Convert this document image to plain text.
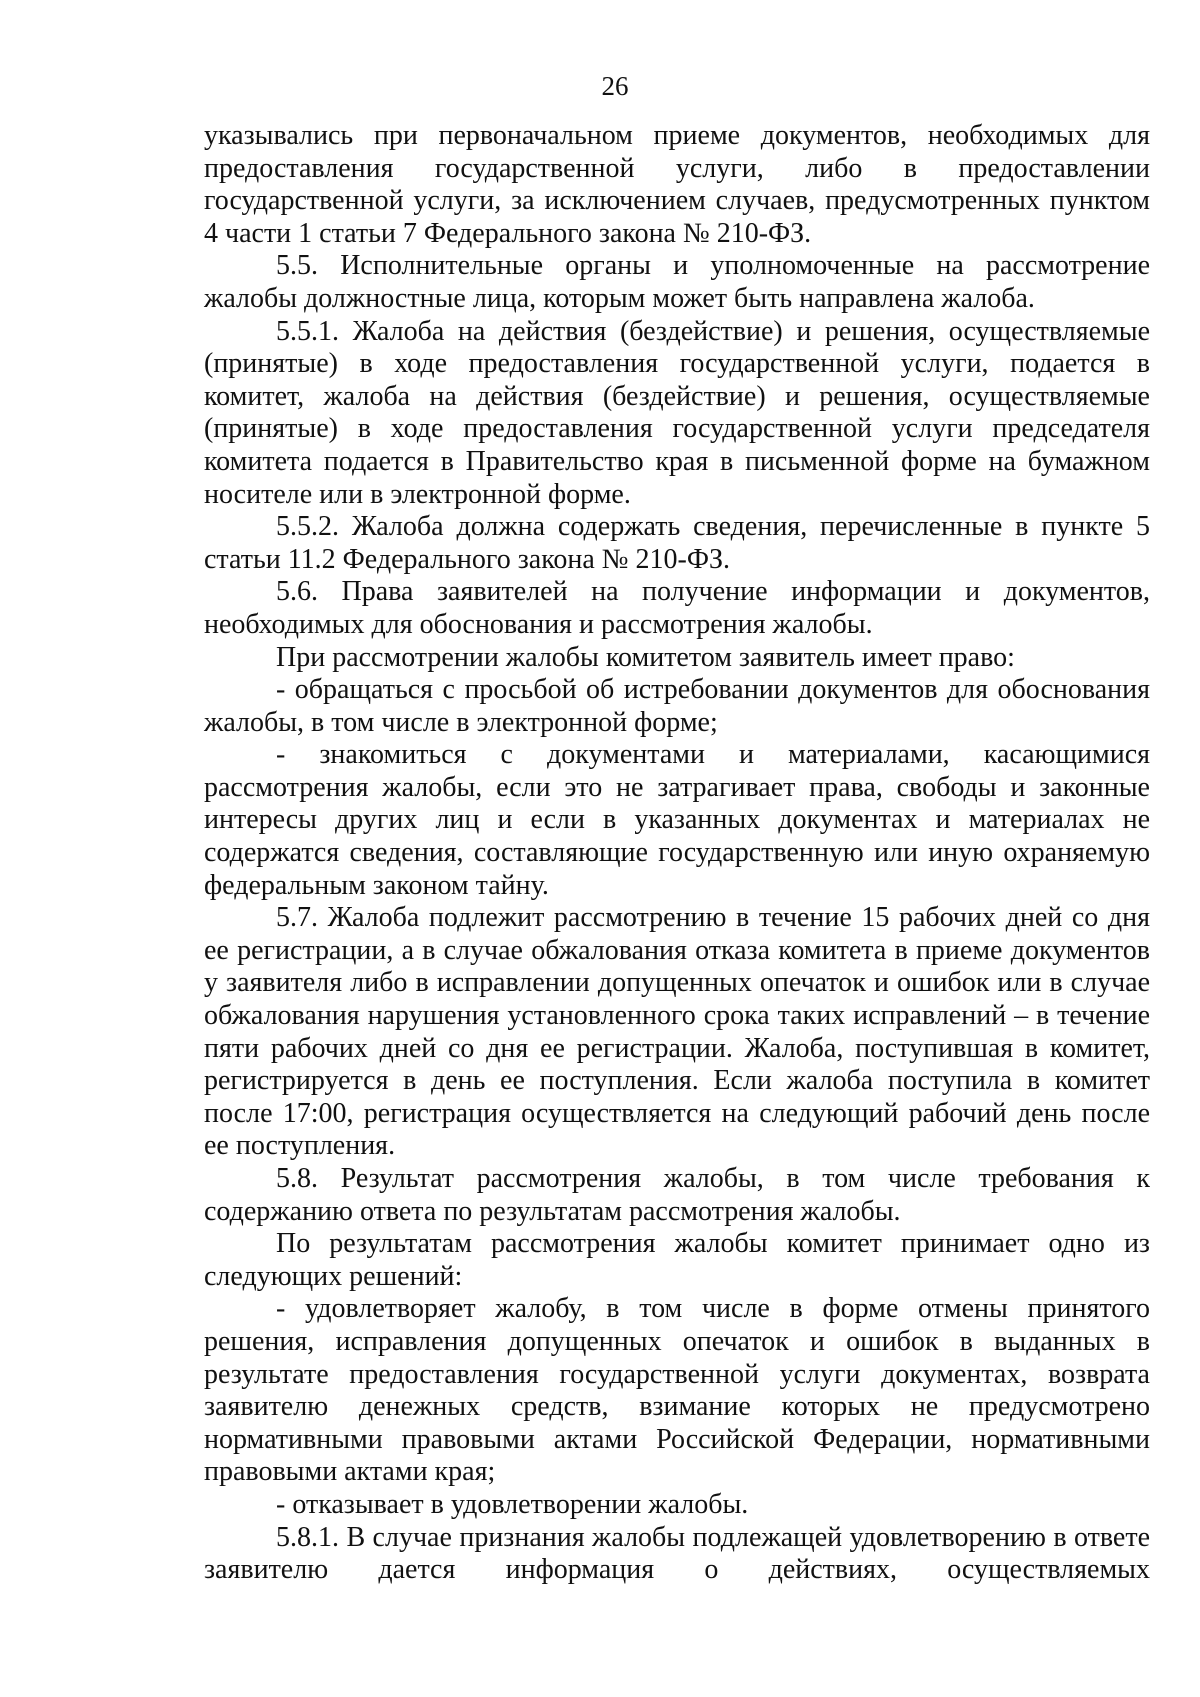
26

указывались при первоначальном приеме документов, необходимых для предоставления государственной услуги, либо в предоставлении государственной услуги, за исключением случаев, предусмотренных пунктом 4 части 1 статьи 7 Федерального закона № 210-ФЗ.

5.5. Исполнительные органы и уполномоченные на рассмотрение жалобы должностные лица, которым может быть направлена жалоба.

5.5.1. Жалоба на действия (бездействие) и решения, осуществляемые (принятые) в ходе предоставления государственной услуги, подается в комитет, жалоба на действия (бездействие) и решения, осуществляемые (принятые) в ходе предоставления государственной услуги председателя комитета подается в Правительство края в письменной форме на бумажном носителе или в электронной форме.

5.5.2. Жалоба должна содержать сведения, перечисленные в пункте 5 статьи 11.2 Федерального закона № 210-ФЗ.

5.6. Права заявителей на получение информации и документов, необходимых для обоснования и рассмотрения жалобы.

При рассмотрении жалобы комитетом заявитель имеет право:

- обращаться с просьбой об истребовании документов для обоснования жалобы, в том числе в электронной форме;

- знакомиться с документами и материалами, касающимися рассмотрения жалобы, если это не затрагивает права, свободы и законные интересы других лиц и если в указанных документах и материалах не содержатся сведения, составляющие государственную или иную охраняемую федеральным законом тайну.

5.7. Жалоба подлежит рассмотрению в течение 15 рабочих дней со дня ее регистрации, а в случае обжалования отказа комитета в приеме документов у заявителя либо в исправлении допущенных опечаток и ошибок или в случае обжалования нарушения установленного срока таких исправлений – в течение пяти рабочих дней со дня ее регистрации. Жалоба, поступившая в комитет, регистрируется в день ее поступления. Если жалоба поступила в комитет после 17:00, регистрация осуществляется на следующий рабочий день после ее поступления.

5.8. Результат рассмотрения жалобы, в том числе требования к содержанию ответа по результатам рассмотрения жалобы.

По результатам рассмотрения жалобы комитет принимает одно из следующих решений:

- удовлетворяет жалобу, в том числе в форме отмены принятого решения, исправления допущенных опечаток и ошибок в выданных в результате предоставления государственной услуги документах, возврата заявителю денежных средств, взимание которых не предусмотрено нормативными правовыми актами Российской Федерации, нормативными правовыми актами края;

- отказывает в удовлетворении жалобы.

5.8.1. В случае признания жалобы подлежащей удовлетворению в ответе заявителю дается информация о действиях, осуществляемых
